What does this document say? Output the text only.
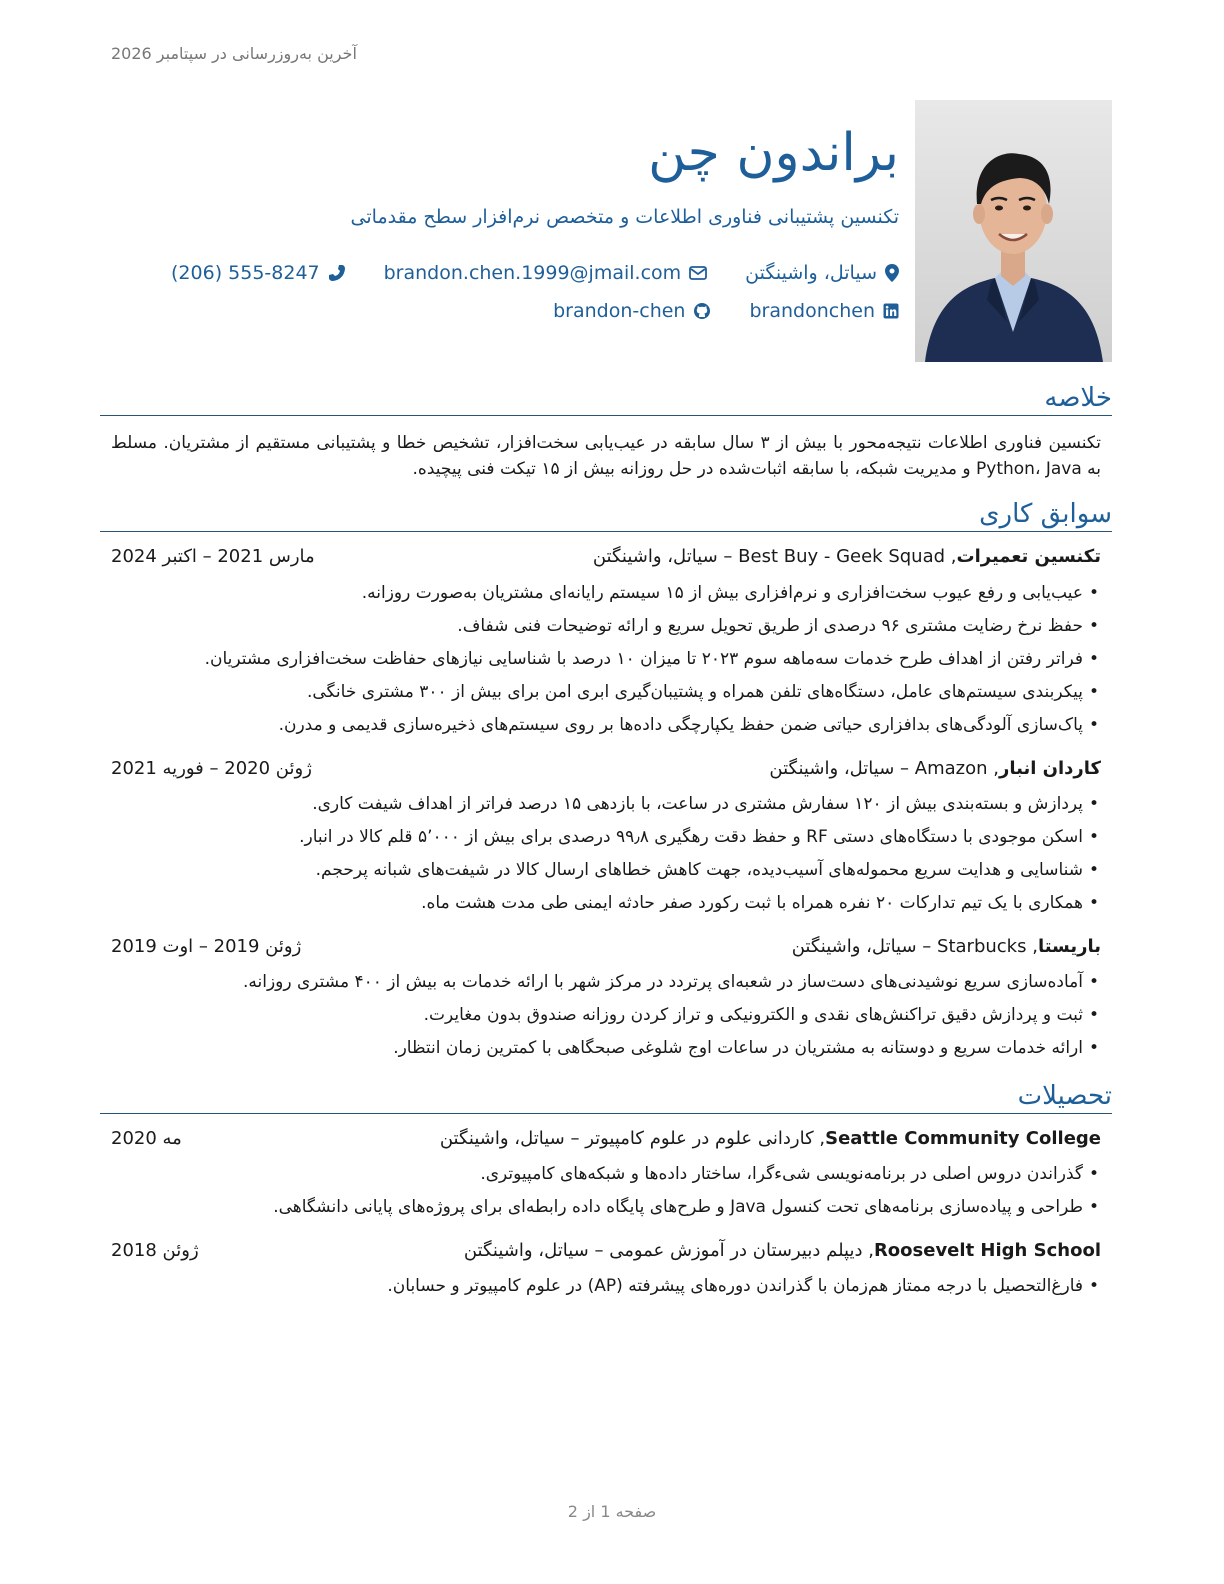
آخرین به‌روزرسانی در سپتامبر 2026
براندون چن
تکنسین پشتیبانی فناوری اطلاعات و متخصص نرم‌افزار سطح مقدماتی
سیاتل، واشینگتن
brandon.chen.1999@jmail.com
(206) 555-8247
brandonchen
brandon-chen
خلاصه
تکنسین فناوری اطلاعات نتیجه‌محور با بیش از ۳ سال سابقه در عیب‌یابی سخت‌افزار، تشخیص خطا و پشتیبانی مستقیم از مشتریان. مسلط به Python، Java و مدیریت شبکه، با سابقه اثبات‌شده در حل روزانه بیش از ۱۵ تیکت فنی پیچیده.
سوابق کاری
تکنسین تعمیرات, Best Buy - Geek Squad – سیاتل، واشینگتن
مارس 2021 – اکتبر 2024
•
عیب‌یابی و رفع عیوب سخت‌افزاری و نرم‌افزاری بیش از ۱۵ سیستم رایانه‌ای مشتریان به‌صورت روزانه.
•
حفظ نرخ رضایت مشتری ۹۶ درصدی از طریق تحویل سریع و ارائه توضیحات فنی شفاف.
•
فراتر رفتن از اهداف طرح خدمات سه‌ماهه سوم ۲۰۲۳ تا میزان ۱۰ درصد با شناسایی نیازهای حفاظت سخت‌افزاری مشتریان.
•
پیکربندی سیستم‌های عامل، دستگاه‌های تلفن همراه و پشتیبان‌گیری ابری امن برای بیش از ۳۰۰ مشتری خانگی.
•
پاک‌سازی آلودگی‌های بدافزاری حیاتی ضمن حفظ یکپارچگی داده‌ها بر روی سیستم‌های ذخیره‌سازی قدیمی و مدرن.
کاردان انبار, Amazon – سیاتل، واشینگتن
ژوئن 2020 – فوریه 2021
•
پردازش و بسته‌بندی بیش از ۱۲۰ سفارش مشتری در ساعت، با بازدهی ۱۵ درصد فراتر از اهداف شیفت کاری.
•
اسکن موجودی با دستگاه‌های دستی RF و حفظ دقت رهگیری ۹۹٫۸ درصدی برای بیش از ۵٬۰۰۰ قلم کالا در انبار.
•
شناسایی و هدایت سریع محموله‌های آسیب‌دیده، جهت کاهش خطاهای ارسال کالا در شیفت‌های شبانه پرحجم.
•
همکاری با یک تیم تدارکات ۲۰ نفره همراه با ثبت رکورد صفر حادثه ایمنی طی مدت هشت ماه.
باریستا, Starbucks – سیاتل، واشینگتن
ژوئن 2019 – اوت 2019
•
آماده‌سازی سریع نوشیدنی‌های دست‌ساز در شعبه‌ای پرتردد در مرکز شهر با ارائه خدمات به بیش از ۴۰۰ مشتری روزانه.
•
ثبت و پردازش دقیق تراکنش‌های نقدی و الکترونیکی و تراز کردن روزانه صندوق بدون مغایرت.
•
ارائه خدمات سریع و دوستانه به مشتریان در ساعات اوج شلوغی صبحگاهی با کمترین زمان انتظار.
تحصیلات
Seattle Community College, کاردانی علوم در علوم کامپیوتر – سیاتل، واشینگتن
مه 2020
•
گذراندن دروس اصلی در برنامه‌نویسی شیءگرا، ساختار داده‌ها و شبکه‌های کامپیوتری.
•
طراحی و پیاده‌سازی برنامه‌های تحت کنسول Java و طرح‌های پایگاه داده رابطه‌ای برای پروژه‌های پایانی دانشگاهی.
Roosevelt High School, دیپلم دبیرستان در آموزش عمومی – سیاتل، واشینگتن
ژوئن 2018
•
فارغ‌التحصیل با درجه ممتاز هم‌زمان با گذراندن دوره‌های پیشرفته (AP) در علوم کامپیوتر و حسابان.
صفحه 1 از 2
